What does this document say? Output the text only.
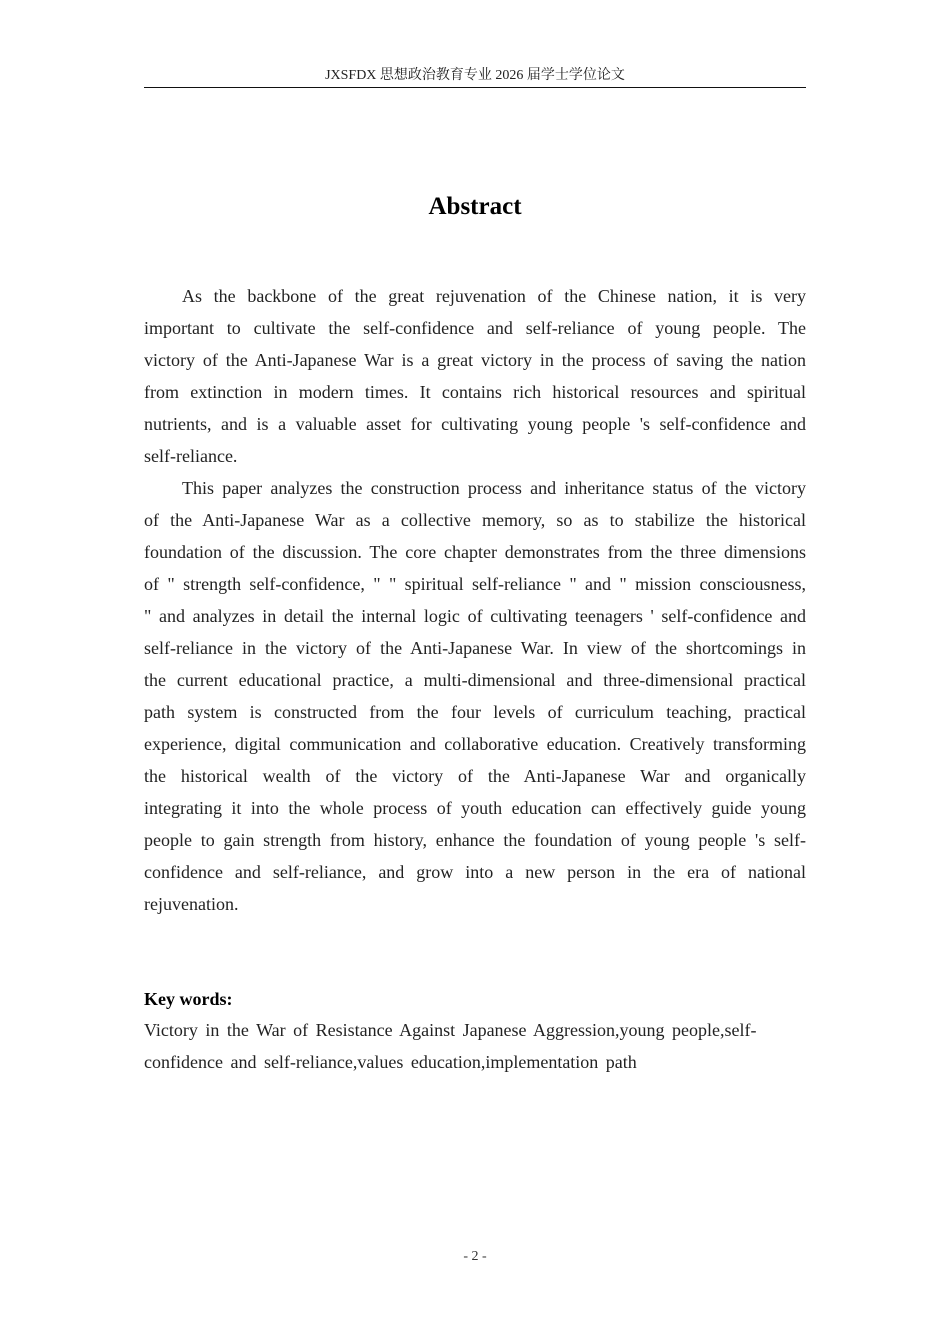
JXSFDX 思想政治教育专业 2026 届学士学位论文
Abstract

As the backbone of the great rejuvenation of the Chinese nation, it is very important to cultivate the self-confidence and self-reliance of young people. The victory of the Anti-Japanese War is a great victory in the process of saving the nation from extinction in modern times. It contains rich historical resources and spiritual nutrients, and is a valuable asset for cultivating young people 's self-confidence and self-reliance.

This paper analyzes the construction process and inheritance status of the victory of the Anti-Japanese War as a collective memory, so as to stabilize the historical foundation of the discussion. The core chapter demonstrates from the three dimensions of " strength self-confidence, " " spiritual self-reliance " and " mission consciousness, " and analyzes in detail the internal logic of cultivating teenagers ' self-confidence and self-reliance in the victory of the Anti-Japanese War. In view of the shortcomings in the current educational practice, a multi-dimensional and three-dimensional practical path system is constructed from the four levels of curriculum teaching, practical experience, digital communication and collaborative education. Creatively transforming the historical wealth of the victory of the Anti-Japanese War and organically integrating it into the whole process of youth education can effectively guide young people to gain strength from history, enhance the foundation of young people 's self-confidence and self-reliance, and grow into a new person in the era of national rejuvenation.

Key words:
Victory in the War of Resistance Against Japanese Aggression,young people,self-confidence and self-reliance,values education,implementation path
- 2 -
